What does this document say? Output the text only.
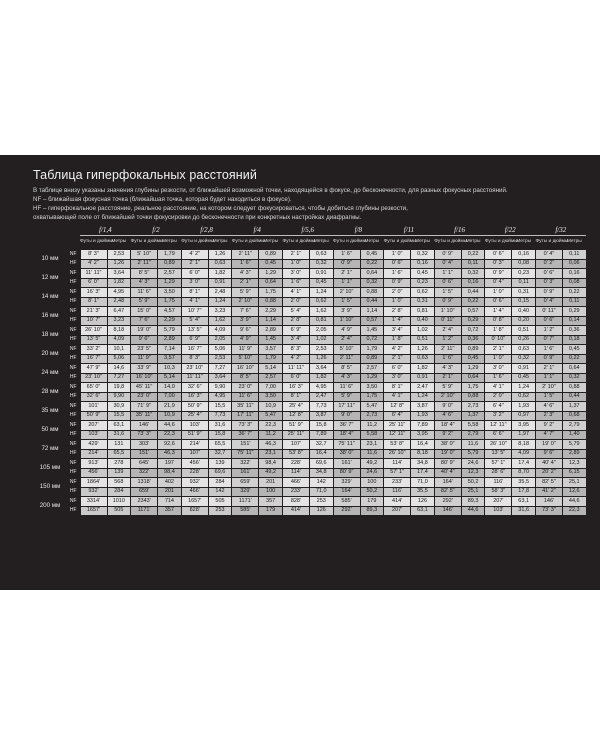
Таблица гиперфокальных расстояний
В таблице внизу указаны значения глубины резкости, от ближайшей возможной точки, находящейся в фокусе, до бесконечности, для разных фокусных расстояний.
NF – ближайшая фокусная точка (ближайшая точка, которая будет находиться в фокусе).
HF – гиперфокальное расстояние, реальное расстояние, на котором следует фокусироваться, чтобы добиться глубины резкости,
охватывающей поле от ближайшей точки фокусировки до бесконечности при конкретных настройках диафрагмы.
		f/1,4		f/2		f/2,8		f/4		f/5,6		f/8		f/11		f/16		f/22		f/32	
		Футы и дюймы	Метры	Футы и дюймы	Метры	Футы и дюймы	Метры	Футы и дюймы	Метры	Футы и дюймы	Метры	Футы и дюймы	Метры	Футы и дюймы	Метры	Футы и дюймы	Метры	Футы и дюймы	Метры	Футы и дюймы	Метры
10 мм	NF	8' 3"	2,53	5' 10"	1,79	4' 2"	1,26	2' 11"	0,89	2' 1"	0,63	1' 6"	0,45	1' 0"	0,32	0' 9"	0,22	0' 6"	0,16	0' 4"	0,11
	HF	4' 2"	1,26	2' 11"	0,89	2' 1"	0,63	1' 6"	0,45	1' 0"	0,32	0' 9"	0,22	0' 6"	0,16	0' 4"	0,11	0' 3"	0,08	0' 2"	0,06
12 мм	NF	11' 11"	3,64	8' 5"	2,57	6' 0"	1,82	4' 3"	1,29	3' 0"	0,91	2' 1"	0,64	1' 6"	0,45	1' 1"	0,32	0' 9"	0,23	0' 6"	0,16
	HF	6' 0"	1,82	4' 3"	1,29	3' 0"	0,91	2' 1"	0,64	1' 6"	0,45	1' 1"	0,32	0' 9"	0,23	0' 6"	0,16	0' 4"	0,11	0' 3"	0,08
14 мм	NF	16' 3"	4,95	11' 6"	3,50	8' 1"	2,48	5' 9"	1,75	4' 1"	1,24	2' 10"	0,88	2' 0"	0,62	1' 5"	0,44	1' 0"	0,31	0' 9"	0,22
	HF	8' 1"	2,48	5' 9"	1,75	4' 1"	1,24	2' 10"	0,88	2' 0"	0,62	1' 5"	0,44	1' 0"	0,31	0' 9"	0,22	0' 6"	0,15	0' 4"	0,11
16 мм	NF	21' 3"	6,47	15' 0"	4,57	10' 7"	3,23	7' 6"	2,29	5' 4"	1,62	3' 9"	1,14	2' 8"	0,81	1' 10"	0,57	1' 4"	0,40	0' 11"	0,29
	HF	10' 7"	3,23	7' 6"	2,29	5' 4"	1,62	3' 9"	1,14	2' 8"	0,81	1' 10"	0,57	1' 4"	0,40	0' 11"	0,29	0' 8"	0,20	0' 6"	0,14
18 мм	NF	26' 10"	8,18	19' 0"	5,79	13' 5"	4,09	9' 6"	2,89	6' 9"	2,05	4' 9"	1,45	3' 4"	1,02	2' 4"	0,72	1' 8"	0,51	1' 2"	0,36
	HF	13' 5"	4,09	9' 6"	2,89	6' 9"	2,05	4' 9"	1,45	3' 4"	1,02	2' 4"	0,72	1' 8"	0,51	1' 2"	0,36	0' 10"	0,26	0' 7"	0,18
20 мм	NF	33' 2"	10,1	23' 5"	7,14	16' 7"	5,06	11' 9"	3,57	8' 3"	2,53	5' 10"	1,79	4' 2"	1,26	2' 11"	0,89	2' 1"	0,63	1' 6"	0,45
	HF	16' 7"	5,06	11' 9"	3,57	8' 3"	2,53	5' 10"	1,79	4' 2"	1,26	2' 11"	0,89	2' 1"	0,63	1' 6"	0,45	1' 0"	0,32	0' 9"	0,22
24 мм	NF	47' 9"	14,6	33' 9"	10,3	23' 10"	7,27	16' 10"	5,14	11' 11"	3,64	8' 5"	2,57	6' 0"	1,82	4' 3"	1,29	3' 0"	0,91	2' 1"	0,64
	HF	23' 10"	7,27	16' 10"	5,14	11' 11"	3,64	8' 5"	2,57	6' 0"	1,82	4' 3"	1,29	3' 0"	0,91	2' 1"	0,64	1' 6"	0,45	1' 1"	0,32
28 мм	NF	65' 0"	19,8	45' 11"	14,0	32' 6"	9,90	23' 0"	7,00	16' 3"	4,95	11' 6"	3,50	8' 1"	2,47	5' 9"	1,75	4' 1"	1,24	2' 10"	0,88
	HF	32' 6"	9,90	23' 0"	7,00	16' 3"	4,95	11' 6"	3,50	8' 1"	2,47	5' 9"	1,75	4' 1"	1,24	2' 10"	0,88	2' 0"	0,62	1' 5"	0,44
35 мм	NF	101'	30,9	71' 9"	21,9	50' 9"	15,5	35' 11"	10,9	25' 4"	7,73	17' 11"	5,47	12' 8"	3,87	9' 0"	2,73	6' 4"	1,93	4' 6"	1,37
	HF	50' 9"	15,5	35' 11"	10,9	25' 4"	7,73	17' 11"	5,47	12' 8"	3,87	9' 0"	2,73	6' 4"	1,93	4' 6"	1,37	3' 2"	0,97	2' 3"	0,68
50 мм	NF	207'	63,1	146'	44,6	103'	31,6	73' 3"	22,3	51' 9"	15,8	36' 7"	11,2	25' 11"	7,89	18' 4"	5,58	12' 11"	3,95	9' 2"	2,79
	HF	103'	31,6	73' 3"	22,3	51' 9"	15,8	36' 7"	11,2	25' 11"	7,89	18' 4"	5,58	12' 11"	3,95	9' 2"	2,79	6' 6"	1,97	4' 7"	1,40
72 мм	NF	429'	131	303'	92,6	214'	65,5	151'	46,3	107'	32,7	75' 11"	23,1	53' 8"	16,4	38' 0"	11,6	26' 10"	8,18	19' 0"	5,79
	HF	214'	65,5	151'	46,3	107'	32,7	75' 11"	23,1	53' 8"	16,4	38' 0"	11,6	26' 10"	8,18	19' 0"	5,79	13' 5"	4,09	9' 6"	2,89
105 мм	NF	913'	278	645'	197	456'	139	322'	98,4	228'	69,6	161'	49,2	114'	34,8	80' 9"	24,6	57' 1"	17,4	40' 4"	12,3
	HF	456'	139	322'	98,4	228'	69,6	161'	49,2	114'	34,8	80' 9"	24,6	57' 1"	17,4	40' 4"	12,3	28' 6"	8,70	20' 2"	6,15
150 мм	NF	1864'	568	1318'	402	932'	284	659'	201	466'	142	329'	100	233'	71,0	164'	50,2	116'	35,5	82' 5"	25,1
	HF	932'	284	659'	201	466'	142	329'	100	233'	71,0	164'	50,2	116'	35,5	82' 5"	25,1	58' 3"	17,8	41' 2"	12,6
200 мм	NF	3314'	1010	2343'	714	1657'	505	1171'	357	828'	253	585'	179	414'	126	292'	89,3	207'	63,1	146'	44,6
	HF	1657'	505	1171'	357	828'	253	585'	179	414'	126	292'	89,3	207'	63,1	146'	44,6	103'	31,6	73' 3"	22,3
